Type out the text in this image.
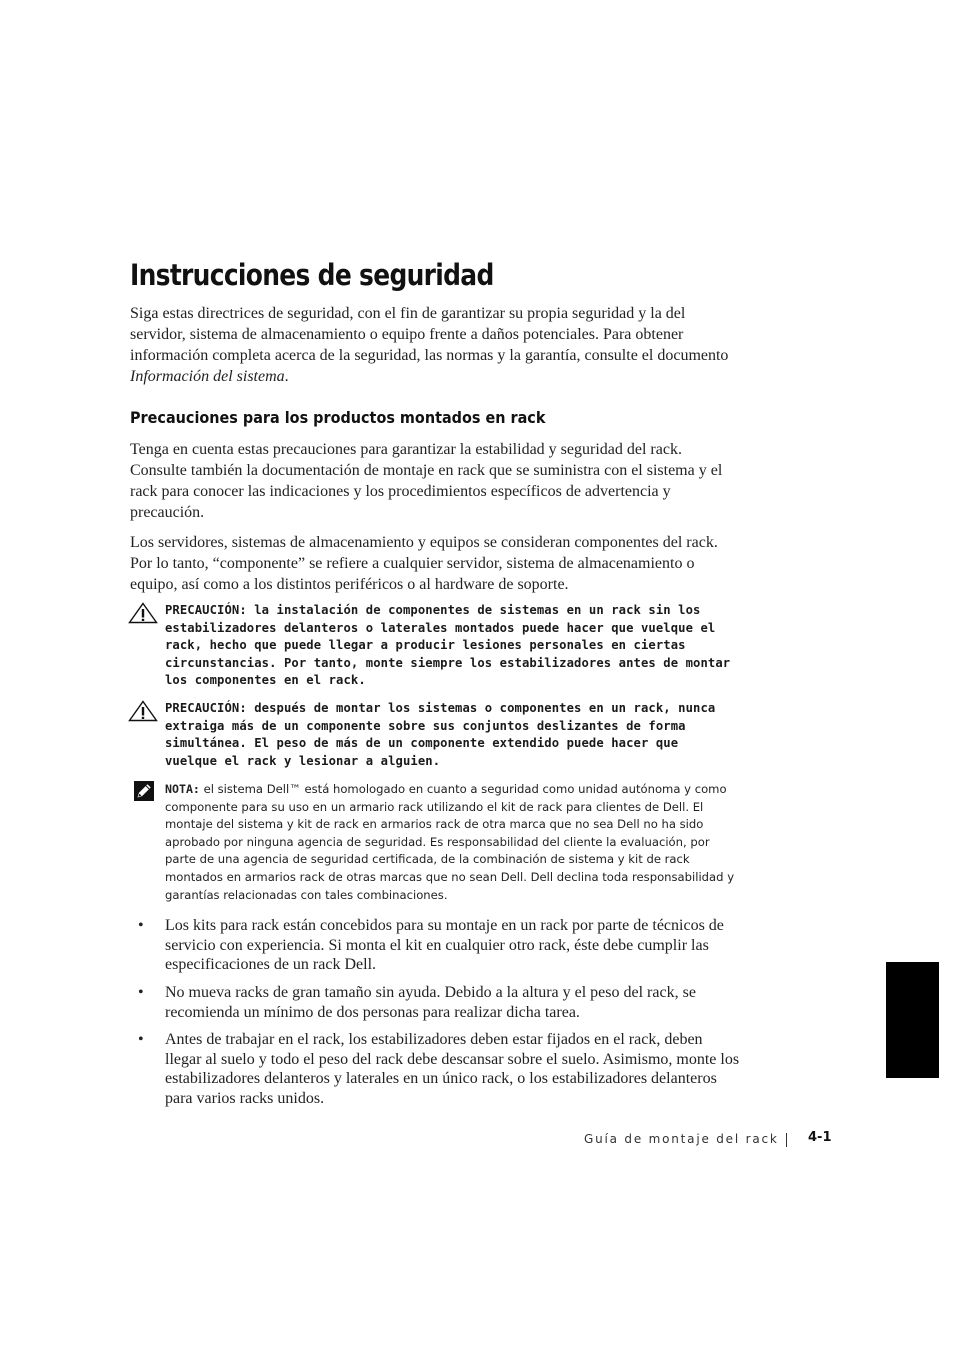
Instrucciones de seguridad

Siga estas directrices de seguridad, con el fin de garantizar su propia seguridad y la del servidor, sistema de almacenamiento o equipo frente a daños potenciales. Para obtener información completa acerca de la seguridad, las normas y la garantía, consulte el documento Información del sistema.

Precauciones para los productos montados en rack

Tenga en cuenta estas precauciones para garantizar la estabilidad y seguridad del rack. Consulte también la documentación de montaje en rack que se suministra con el sistema y el rack para conocer las indicaciones y los procedimientos específicos de advertencia y precaución.

Los servidores, sistemas de almacenamiento y equipos se consideran componentes del rack. Por lo tanto, “componente” se refiere a cualquier servidor, sistema de almacenamiento o equipo, así como a los distintos periféricos o al hardware de soporte.

PRECAUCIÓN: la instalación de componentes de sistemas en un rack sin los estabilizadores delanteros o laterales montados puede hacer que vuelque el rack, hecho que puede llegar a producir lesiones personales en ciertas circunstancias. Por tanto, monte siempre los estabilizadores antes de montar los componentes en el rack.
PRECAUCIÓN: después de montar los sistemas o componentes en un rack, nunca extraiga más de un componente sobre sus conjuntos deslizantes de forma simultánea. El peso de más de un componente extendido puede hacer que vuelque el rack y lesionar a alguien.
NOTA: el sistema Dell™ está homologado en cuanto a seguridad como unidad autónoma y como componente para su uso en un armario rack utilizando el kit de rack para clientes de Dell. El montaje del sistema y kit de rack en armarios rack de otra marca que no sea Dell no ha sido aprobado por ninguna agencia de seguridad. Es responsabilidad del cliente la evaluación, por parte de una agencia de seguridad certificada, de la combinación de sistema y kit de rack montados en armarios rack de otras marcas que no sean Dell. Dell declina toda responsabilidad y garantías relacionadas con tales combinaciones.
• Los kits para rack están concebidos para su montaje en un rack por parte de técnicos de servicio con experiencia. Si monta el kit en cualquier otro rack, éste debe cumplir las especificaciones de un rack Dell.
• No mueva racks de gran tamaño sin ayuda. Debido a la altura y el peso del rack, se recomienda un mínimo de dos personas para realizar dicha tarea.
• Antes de trabajar en el rack, los estabilizadores deben estar fijados en el rack, deben llegar al suelo y todo el peso del rack debe descansar sobre el suelo. Asimismo, monte los estabilizadores delanteros y laterales en un único rack, o los estabilizadores delanteros para varios racks unidos.
Guía de montaje del rack 4-1
